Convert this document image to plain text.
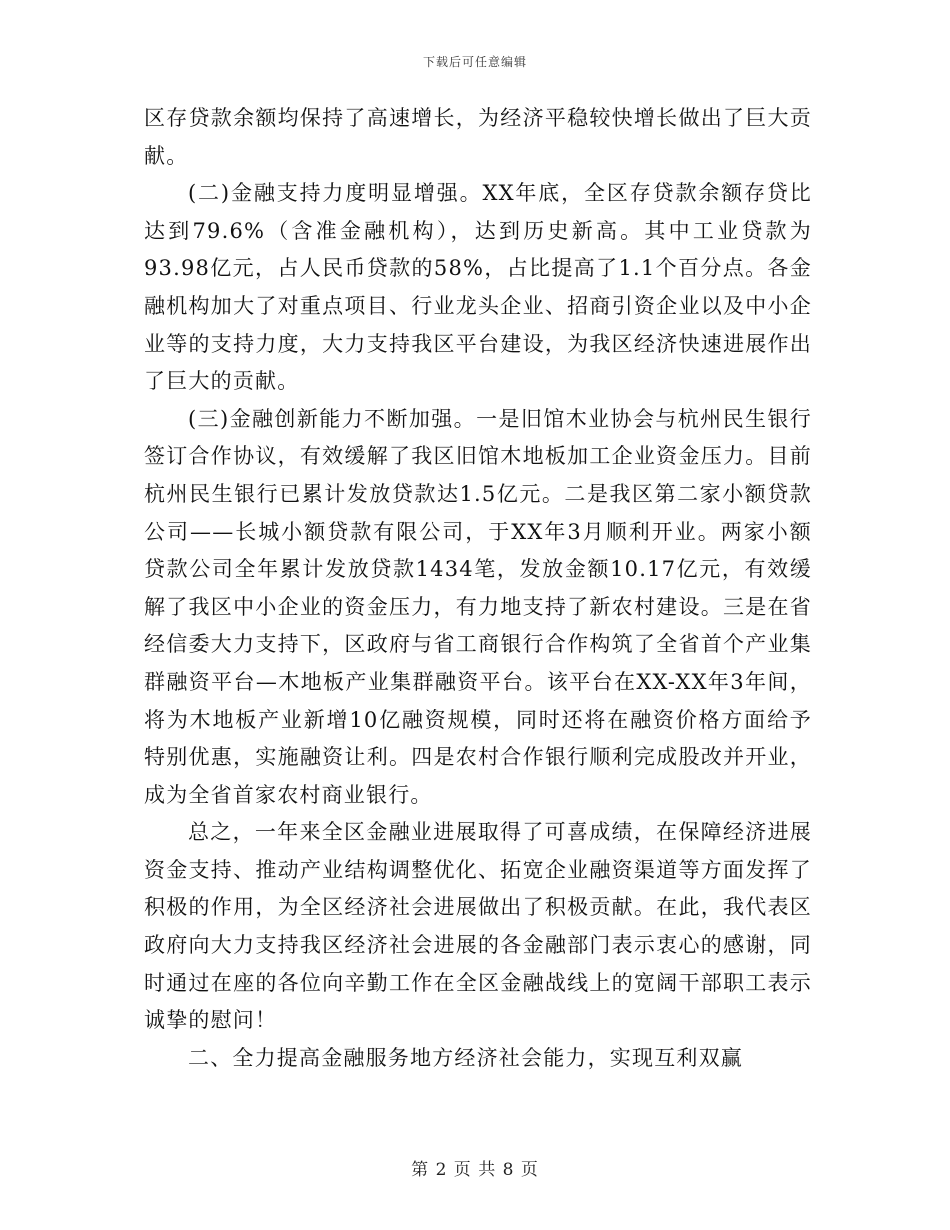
下载后可任意编辑

区存贷款余额均保持了高速增长，为经济平稳较快增长做出了巨大贡献。

(二)金融支持力度明显增强。XX年底，全区存贷款余额存贷比达到79.6%（含准金融机构），达到历史新高。其中工业贷款为93.98亿元，占人民币贷款的58%，占比提高了1.1个百分点。各金融机构加大了对重点项目、行业龙头企业、招商引资企业以及中小企业等的支持力度，大力支持我区平台建设，为我区经济快速进展作出了巨大的贡献。

(三)金融创新能力不断加强。一是旧馆木业协会与杭州民生银行签订合作协议，有效缓解了我区旧馆木地板加工企业资金压力。目前杭州民生银行已累计发放贷款达1.5亿元。二是我区第二家小额贷款公司——长城小额贷款有限公司，于XX年3月顺利开业。两家小额贷款公司全年累计发放贷款1434笔，发放金额10.17亿元，有效缓解了我区中小企业的资金压力，有力地支持了新农村建设。三是在省经信委大力支持下，区政府与省工商银行合作构筑了全省首个产业集群融资平台—木地板产业集群融资平台。该平台在XX-XX年3年间，将为木地板产业新增10亿融资规模，同时还将在融资价格方面给予特别优惠，实施融资让利。四是农村合作银行顺利完成股改并开业，成为全省首家农村商业银行。

总之，一年来全区金融业进展取得了可喜成绩，在保障经济进展资金支持、推动产业结构调整优化、拓宽企业融资渠道等方面发挥了积极的作用，为全区经济社会进展做出了积极贡献。在此，我代表区政府向大力支持我区经济社会进展的各金融部门表示衷心的感谢，同时通过在座的各位向辛勤工作在全区金融战线上的宽阔干部职工表示诚挚的慰问！

二、全力提高金融服务地方经济社会能力，实现互利双赢

第 2 页 共 8 页
